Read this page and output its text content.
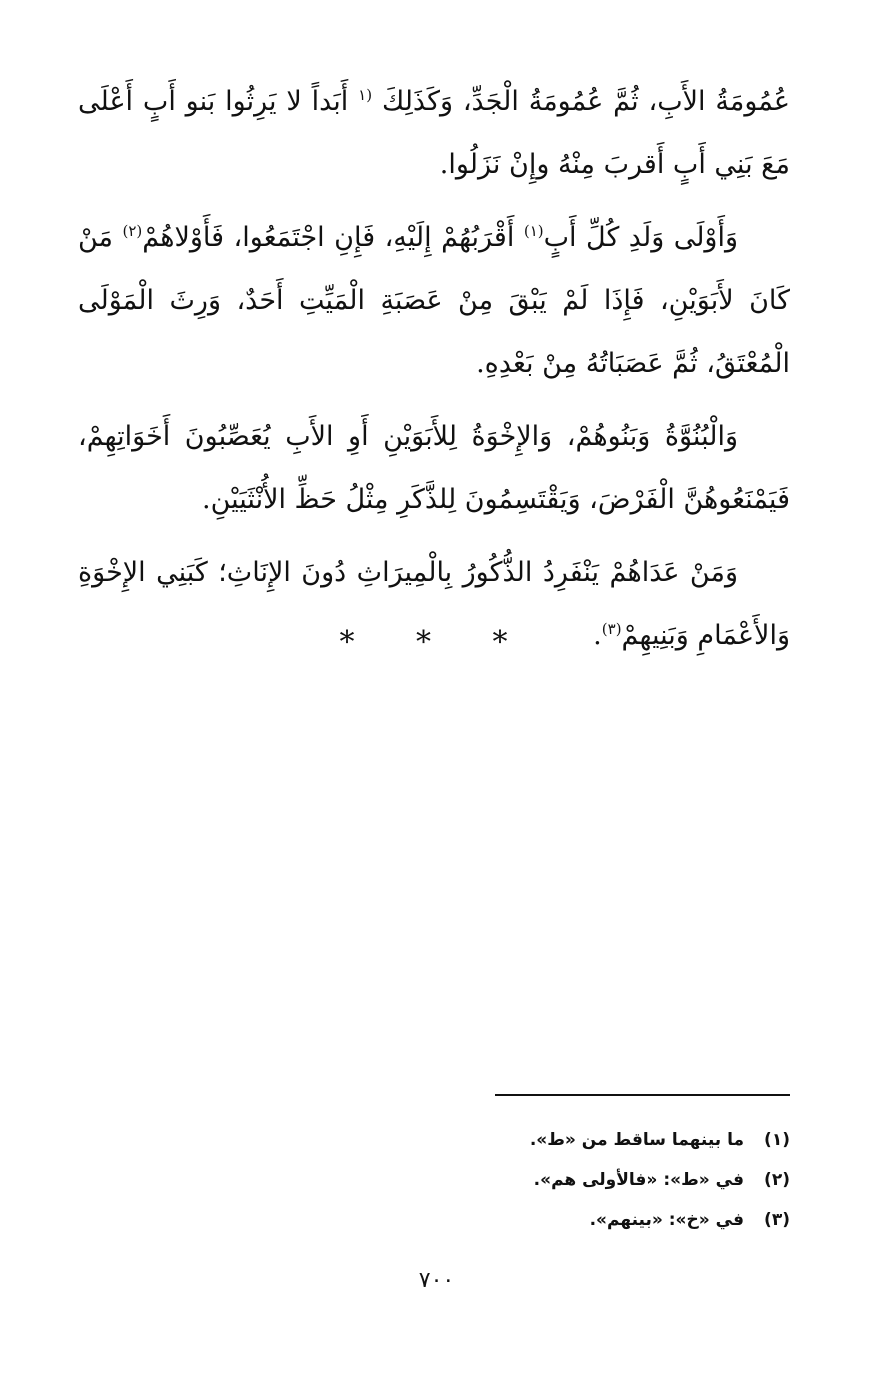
عُمُومَةُ الأَبِ، ثُمَّ عُمُومَةُ الْجَدِّ، وَكَذَلِكَ $^{(١}$ أَبَداً لا يَرِثُوا بَنو أَبٍ أَعْلَى مَعَ بَنِي أَبٍ أَقربَ مِنْهُ وإِنْ نَزَلُوا.

وَأَوْلَى وَلَدِ كُلِّ أَبٍ$^{(١)}$ أَقْرَبُهُمْ إِلَيْهِ، فَإِنِ اجْتَمَعُوا، فَأَوْلاهُمْ$^{(٢)}$ مَنْ كَانَ لأَبَوَيْنِ، فَإِذَا لَمْ يَبْقَ مِنْ عَصَبَةِ الْمَيِّتِ أَحَدٌ، وَرِثَ الْمَوْلَى الْمُعْتَقُ، ثُمَّ عَصَبَاتُهُ مِنْ بَعْدِهِ.

وَالْبُنُوَّةُ وَبَنُوهُمْ، وَالإِخْوَةُ لِلأَبَوَيْنِ أَوِ الأَبِ يُعَصِّبُونَ أَخَوَاتِهِمْ، فَيَمْنَعُوهُنَّ الْفَرْضَ، وَيَقْتَسِمُونَ لِلذَّكَرِ مِثْلُ حَظِّ الأُنْثَيَيْنِ.

وَمَنْ عَدَاهُمْ يَنْفَرِدُ الذُّكُورُ بِالْمِيرَاثِ دُونَ الإِنَاثِ؛ كَبَنِي الإِخْوَةِ وَالأَعْمَامِ وَبَنِيهِمْ$^{(٣)}$.

* * *
(١)ما بينهما ساقط من «ط».
(٢)في «ط»: «فالأولى هم».
(٣)في «خ»: «بينهم».
٧٠٠
